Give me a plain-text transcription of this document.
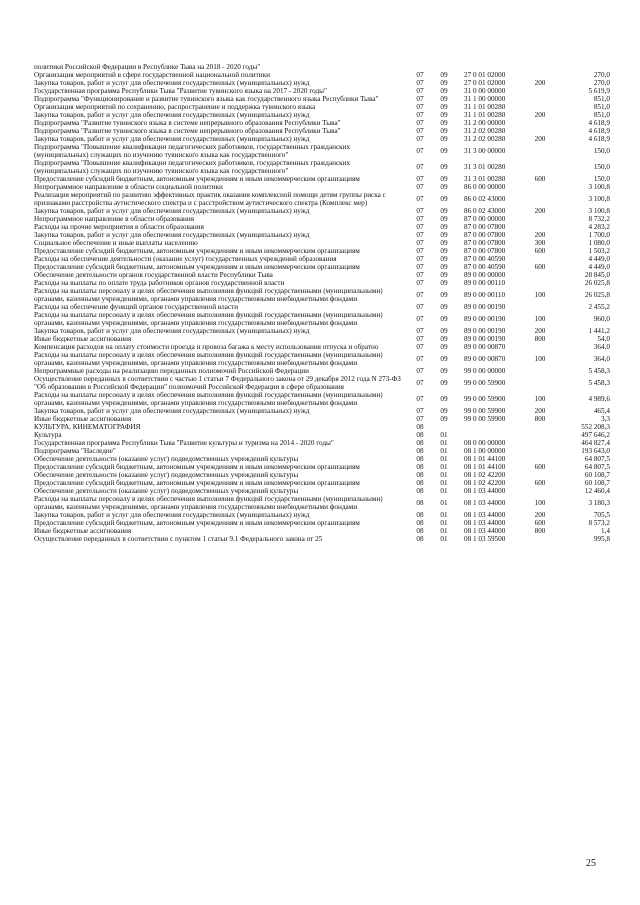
политики Российской Федерации в Республике Тыва на 2018 - 2020 годы"					
Организация мероприятий в сфере государственной национальной политики	07	09	27 0 01 02000		270,0
Закупка товаров, работ и услуг для обеспечения государственных (муниципальных) нужд	07	09	27 0 01 02000	200	270,0
Государственная программа Республики Тыва "Развитие тувинского языка на 2017 - 2020 годы"	07	09	31 0 00 00000		5 619,9
Подпрограмма "Функционирование и развитие тувинского языка как государственного языка Республики Тыва"	07	09	31 1 00 00000		851,0
Организация мероприятий по сохранению, распространение и поддержка тувинского языка	07	09	31 1 01 00280		851,0
Закупка товаров, работ и услуг для обеспечения государственных (муниципальных) нужд	07	09	31 1 01 00280	200	851,0
Подпрограмма "Развитие тувинского языка в системе непрерывного образования Республики Тыва"	07	09	31 2 00 00000		4 618,9
Подпрограмма "Развитие тувинского языка в системе непрерывного образования Республики Тыва"	07	09	31 2 02 00280		4 618,9
Закупка товаров, работ и услуг для обеспечения государственных (муниципальных) нужд	07	09	31 2 02 00280	200	4 618,9
Подпрограмма "Повышение квалификации педагогических работников, государственных гражданских (муниципальных) служащих по изучению тувинского языка как государственного"	07	09	31 3 00 00000		150,0
Подпрограмма "Повышение квалификации педагогических работников, государственных гражданских (муниципальных) служащих по изучению тувинского языка как государственного"	07	09	31 3 01 00280		150,0
Предоставление субсидий бюджетным, автономным учреждениям и иным некоммерческим организациям	07	09	31 3 01 00280	600	150,0
Непрограммное направление в области социальной политики	07	09	86 0 00 00000		3 100,8
Реализация мероприятий по развитию эффективных практик оказания комплексной помощи детям группы риска с признаками расстройства аутистического спектра и с расстройством аутистического спектра (Комплекс мер)	07	09	86 0 02 43000		3 100,8
Закупка товаров, работ и услуг для обеспечения государственных (муниципальных) нужд	07	09	86 0 02 43000	200	3 100,8
Непрограммное направление в области образования	07	09	87 0 00 00000		8 732,2
Расходы на прочие мероприятия в области образования	07	09	87 0 00 07800		4 283,2
Закупка товаров, работ и услуг для обеспечения государственных (муниципальных) нужд	07	09	87 0 00 07800	200	1 700,0
Социальное обеспечение и иные выплаты населению	07	09	87 0 00 07800	300	1 080,0
Предоставление субсидий бюджетным, автономным учреждениям и иным некоммерческим организациям	07	09	87 0 00 07800	600	1 503,2
Расходы на обеспечение деятельности (оказание услуг) государственных учреждений образования	07	09	87 0 00 40590		4 449,0
Предоставление субсидий бюджетным, автономным учреждениям и иным некоммерческим организациям	07	09	87 0 00 40590	600	4 449,0
Обеспечение деятельности органов государственной власти Республики Тыва	07	09	89 0 00 00000		28 845,0
Расходы на выплаты по оплате труда работников органов государственной власти	07	09	89 0 00 00110		26 025,8
Расходы на выплаты персоналу в целях обеспечения выполнения функций государственными (муниципальными) органами, казенными учреждениями, органами управления государственными внебюджетными фондами	07	09	89 0 00 00110	100	26 025,8
Расходы на обеспечение функций органов государственной власти	07	09	89 0 00 00190		2 455,2
Расходы на выплаты персоналу в целях обеспечения выполнения функций государственными (муниципальными) органами, казенными учреждениями, органами управления государственными внебюджетными фондами	07	09	89 0 00 00190	100	960,0
Закупка товаров, работ и услуг для обеспечения государственных (муниципальных) нужд	07	09	89 0 00 00190	200	1 441,2
Иные бюджетные ассигнования	07	09	89 0 00 00190	800	54,0
Компенсация расходов на оплату стоимости проезда и провоза багажа к месту использования отпуска и обратно	07	09	89 0 00 00870		364,0
Расходы на выплаты персоналу в целях обеспечения выполнения функций государственными (муниципальными) органами, казенными учреждениями, органами управления государственными внебюджетными фондами	07	09	89 0 00 00870	100	364,0
Непрограммные расходы на реализацию переданных полномочий Российской Федерации	07	09	99 0 00 00000		5 458,3
Осуществление переданных в соответствии с частью 1 статьи 7 Федерального закона от 29 декабря 2012 года N 273-ФЗ "Об образовании в Российской Федерации" полномочий Российской Федерации в сфере образования	07	09	99 0 00 59900		5 458,3
Расходы на выплаты персоналу в целях обеспечения выполнения функций государственными (муниципальными) органами, казенными учреждениями, органами управления государственными внебюджетными фондами	07	09	99 0 00 59900	100	4 989,6
Закупка товаров, работ и услуг для обеспечения государственных (муниципальных) нужд	07	09	99 0 00 59900	200	465,4
Иные бюджетные ассигнования	07	09	99 0 00 59900	800	3,3
КУЛЬТУРА, КИНЕМАТОГРАФИЯ	08				552 208,3
Культура	08	01			497 646,2
Государственная программа Республики Тыва "Развитие культуры и туризма на 2014 - 2020 годы"	08	01	08 0 00 00000		464 827,4
Подпрограмма "Наследие"	08	01	08 1 00 00000		193 643,0
Обеспечение деятельности (оказание услуг) подведомственных учреждений культуры	08	01	08 1 01 44100		64 807,5
Предоставление субсидий бюджетным, автономным учреждениям и иным некоммерческим организациям	08	01	08 1 01 44100	600	64 807,5
Обеспечение деятельности (оказание услуг) подведомственных учреждений культуры	08	01	08 1 02 42200		60 108,7
Предоставление субсидий бюджетным, автономным учреждениям и иным некоммерческим организациям	08	01	08 1 02 42200	600	60 108,7
Обеспечение деятельности (оказание услуг) подведомственных учреждений культуры	08	01	08 1 03 44000		12 460,4
Расходы на выплаты персоналу в целях обеспечения выполнения функций государственными (муниципальными) органами, казенными учреждениями, органами управления государственными внебюджетными фондами	08	01	08 1 03 44000	100	3 180,3
Закупка товаров, работ и услуг для обеспечения государственных (муниципальных) нужд	08	01	08 1 03 44000	200	705,5
Предоставление субсидий бюджетным, автономным учреждениям и иным некоммерческим организациям	08	01	08 1 03 44000	600	8 573,2
Иные бюджетные ассигнования	08	01	08 1 03 44000	800	1,4
Осуществление переданных в соответствии с пунктом 1 статьи 9.1 Федерального закона от 25	08	01	08 1 03 59500		995,8
25
